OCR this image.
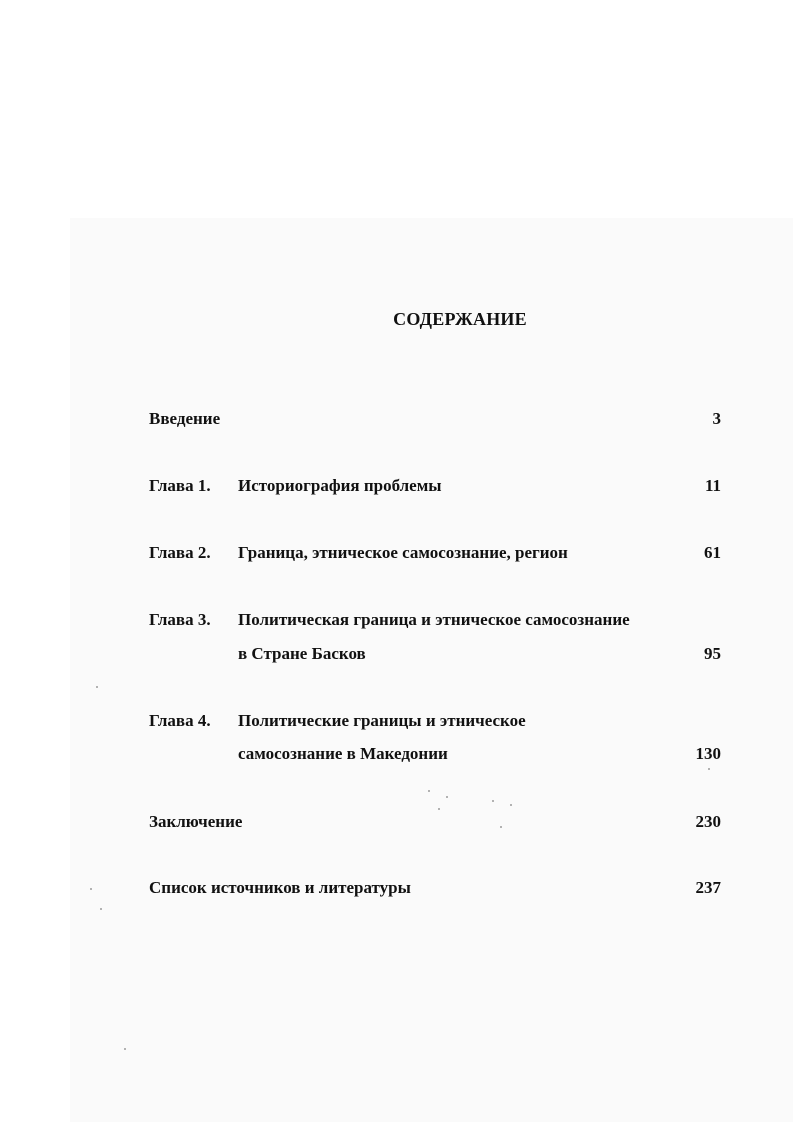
СОДЕРЖАНИЕ
Введение	3
Глава 1. Историография проблемы	11
Глава 2. Граница, этническое самосознание, регион	61
Глава 3. Политическая граница и этническое самосознание
в Стране Басков	95
Глава 4. Политические границы и этническое
самосознание в Македонии	130
Заключение	230
Список источников и литературы	237
